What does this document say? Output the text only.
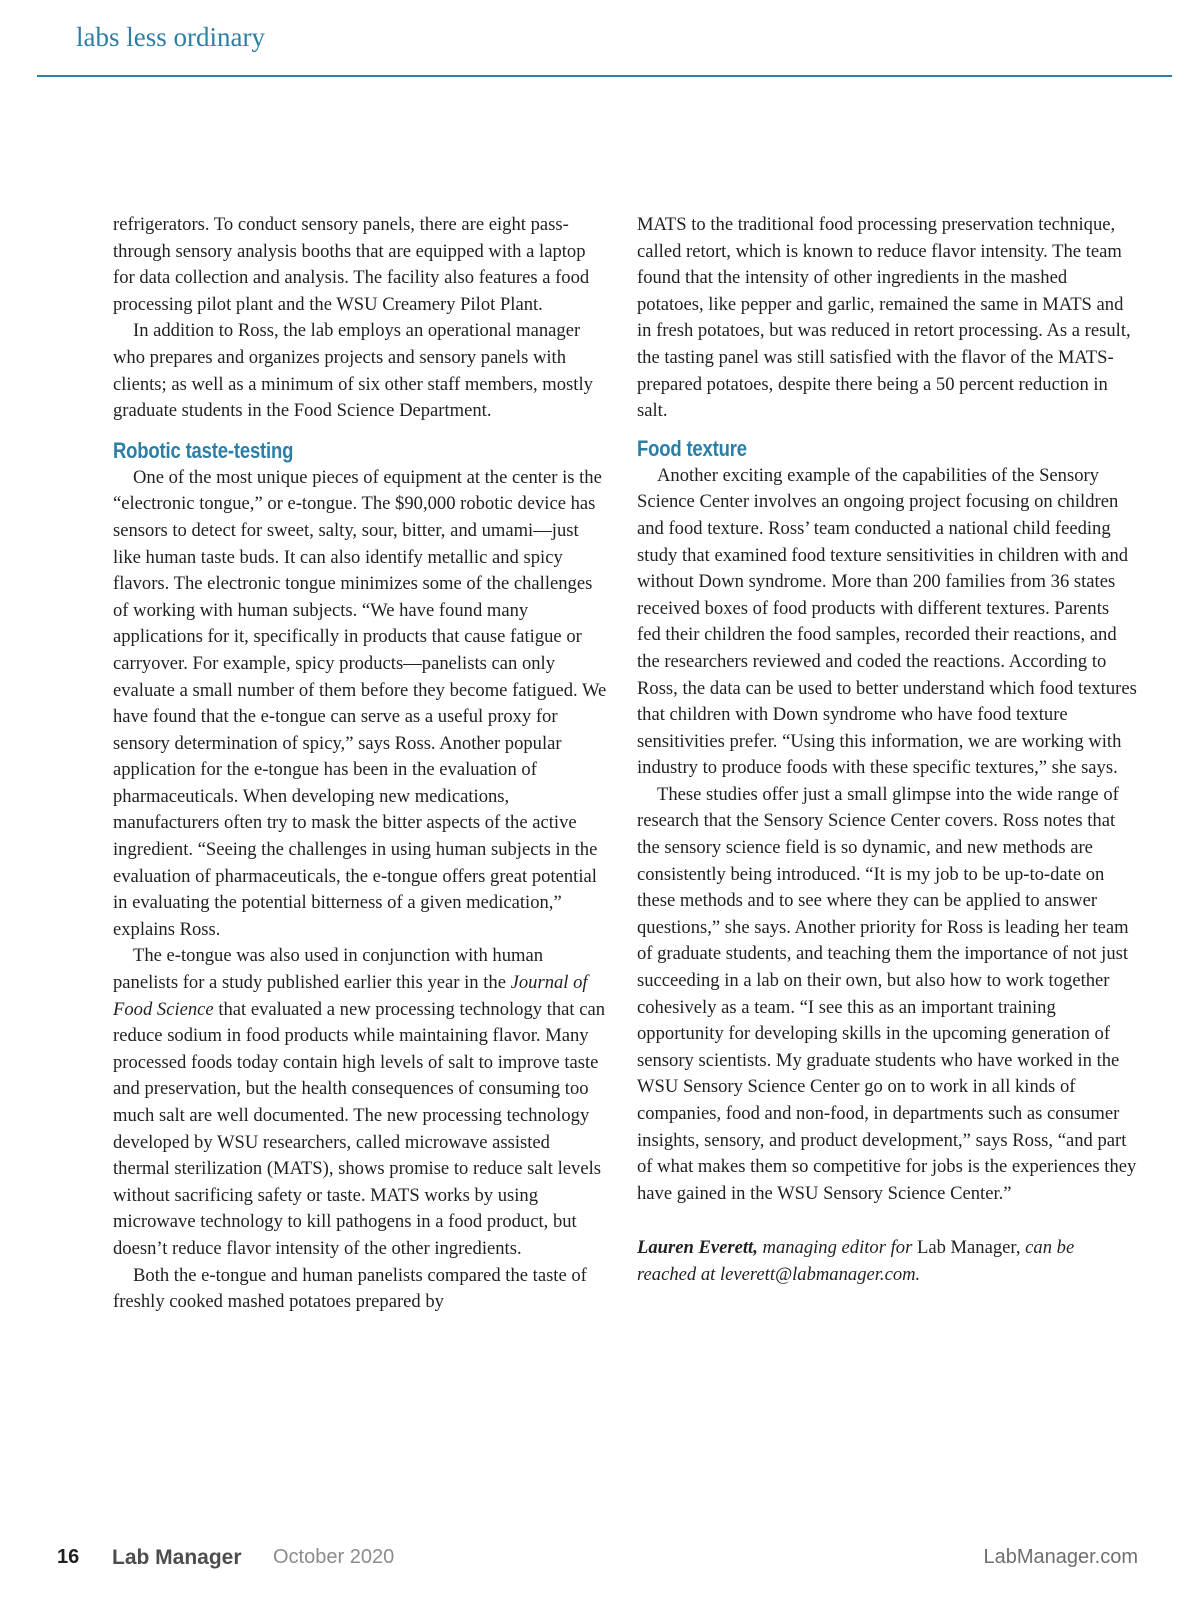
labs less ordinary

refrigerators. To conduct sensory panels, there are eight pass-through sensory analysis booths that are equipped with a laptop for data collection and analysis. The facility also features a food processing pilot plant and the WSU Creamery Pilot Plant.

In addition to Ross, the lab employs an operational manager who prepares and organizes projects and sensory panels with clients; as well as a minimum of six other staff members, mostly graduate students in the Food Science Department.

Robotic taste-testing

One of the most unique pieces of equipment at the center is the “electronic tongue,” or e-tongue. The $90,000 robotic device has sensors to detect for sweet, salty, sour, bitter, and umami—just like human taste buds. It can also identify metallic and spicy flavors. The electronic tongue minimizes some of the challenges of working with human subjects. “We have found many applications for it, specifically in products that cause fatigue or carryover. For example, spicy products—panelists can only evaluate a small number of them before they become fatigued. We have found that the e-tongue can serve as a useful proxy for sensory determination of spicy,” says Ross. Another popular application for the e-tongue has been in the evaluation of pharmaceuticals. When developing new medications, manufacturers often try to mask the bitter aspects of the active ingredient. “Seeing the challenges in using human subjects in the evaluation of pharmaceuticals, the e-tongue offers great potential in evaluating the potential bitterness of a given medication,” explains Ross.

The e-tongue was also used in conjunction with human panelists for a study published earlier this year in the Journal of Food Science that evaluated a new processing technology that can reduce sodium in food products while maintaining flavor. Many processed foods today contain high levels of salt to improve taste and preservation, but the health consequences of consuming too much salt are well documented. The new processing technology developed by WSU researchers, called microwave assisted thermal sterilization (MATS), shows promise to reduce salt levels without sacrificing safety or taste. MATS works by using microwave technology to kill pathogens in a food product, but doesn’t reduce flavor intensity of the other ingredients.

Both the e-tongue and human panelists compared the taste of freshly cooked mashed potatoes prepared by

MATS to the traditional food processing preservation technique, called retort, which is known to reduce flavor intensity. The team found that the intensity of other ingredients in the mashed potatoes, like pepper and garlic, remained the same in MATS and in fresh potatoes, but was reduced in retort processing. As a result, the tasting panel was still satisfied with the flavor of the MATS-prepared potatoes, despite there being a 50 percent reduction in salt.

Food texture

Another exciting example of the capabilities of the Sensory Science Center involves an ongoing project focusing on children and food texture. Ross’ team conducted a national child feeding study that examined food texture sensitivities in children with and without Down syndrome. More than 200 families from 36 states received boxes of food products with different textures. Parents fed their children the food samples, recorded their reactions, and the researchers reviewed and coded the reactions. According to Ross, the data can be used to better understand which food textures that children with Down syndrome who have food texture sensitivities prefer. “Using this information, we are working with industry to produce foods with these specific textures,” she says.

These studies offer just a small glimpse into the wide range of research that the Sensory Science Center covers. Ross notes that the sensory science field is so dynamic, and new methods are consistently being introduced. “It is my job to be up-to-date on these methods and to see where they can be applied to answer questions,” she says. Another priority for Ross is leading her team of graduate students, and teaching them the importance of not just succeeding in a lab on their own, but also how to work together cohesively as a team. “I see this as an important training opportunity for developing skills in the upcoming generation of sensory scientists. My graduate students who have worked in the WSU Sensory Science Center go on to work in all kinds of companies, food and non-food, in departments such as consumer insights, sensory, and product development,” says Ross, “and part of what makes them so competitive for jobs is the experiences they have gained in the WSU Sensory Science Center.”

Lauren Everett, managing editor for Lab Manager, can be reached at leverett@labmanager.com.

16 Lab Manager October 2020	LabManager.com
